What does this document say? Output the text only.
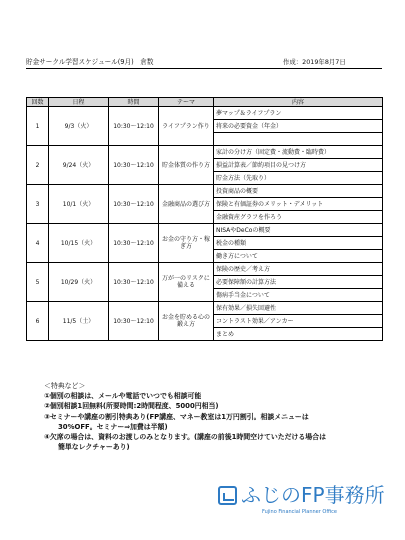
貯金サークル学習スケジュール(9月)　倉数	作成：2019年8月7日
回数	日程	時間	テーマ	内容
1	9/3（火）	10:30～12:10	ライフプラン作り	夢マップ＆ライフプラン
				将来の必要資金（年金）

2	9/24（火）	10:30～12:10	貯金体質の作り方	家計の分け方（固定費・流動費・臨時費）
				損益計算表／節約項目の見つけ方
				貯金方法（先取り）
3	10/1（火）	10:30～12:10	金融商品の選び方	投資商品の概要
				保険と有価証券のメリット・デメリット
				金融資産グラフを作ろう
4	10/15（火）	10:30～12:10	お金の守り方・稼ぎ方	NISAやDeCoの概要
				税金の種類
				働き方について
5	10/29（火）	10:30～12:10	万が一のリスクに備える	保険の歴史／考え方
				必要保障額の計算方法
				傷病手当金について
6	11/5（土）	10:30～12:10	お金を貯める心の鍛え方	保有効果／損失回避性
				コントラスト効果／アンカー
				まとめ
＜特典など＞
①個別の相談は、メールや電話でいつでも相談可能
②個別相談1回無料(所要時間:2時間程度、5000円相当)
③セミナーや講座の割引特典あり(FP講座、マネー教室は1万円割引。相談メニューは
30%OFF。セミナー⇒加費は半額)
④欠席の場合は、資料のお渡しのみとなります。(講座の前後1時間空けていただける場合は
簡単なレクチャーあり)
ふじのFP事務所
Fujino Financial Planner Office
